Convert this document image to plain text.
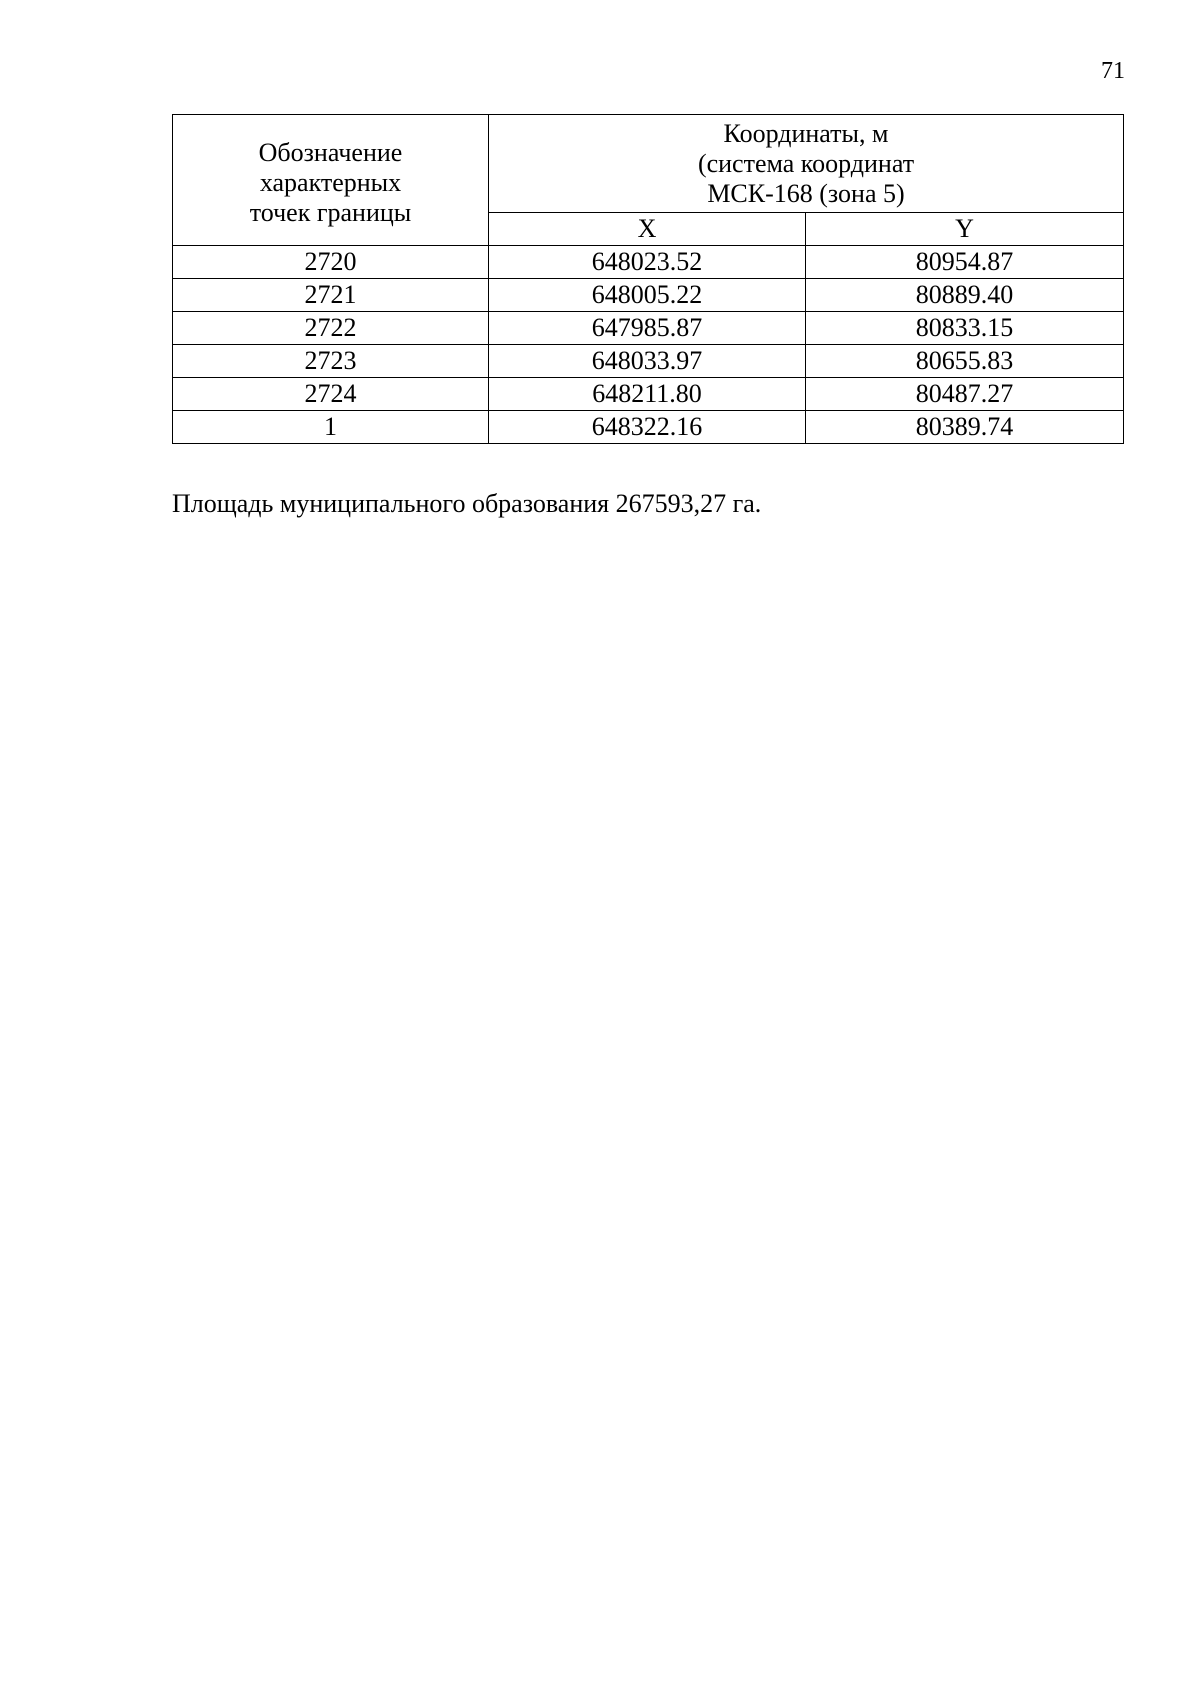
71
Обозначение
характерных
точек границы	Координаты, м
(система координат
МСК-168 (зона 5)	

	X	Y
2720	648023.52	80954.87
2721	648005.22	80889.40
2722	647985.87	80833.15
2723	648033.97	80655.83
2724	648211.80	80487.27
1	648322.16	80389.74
Площадь муниципального образования 267593,27 га.
